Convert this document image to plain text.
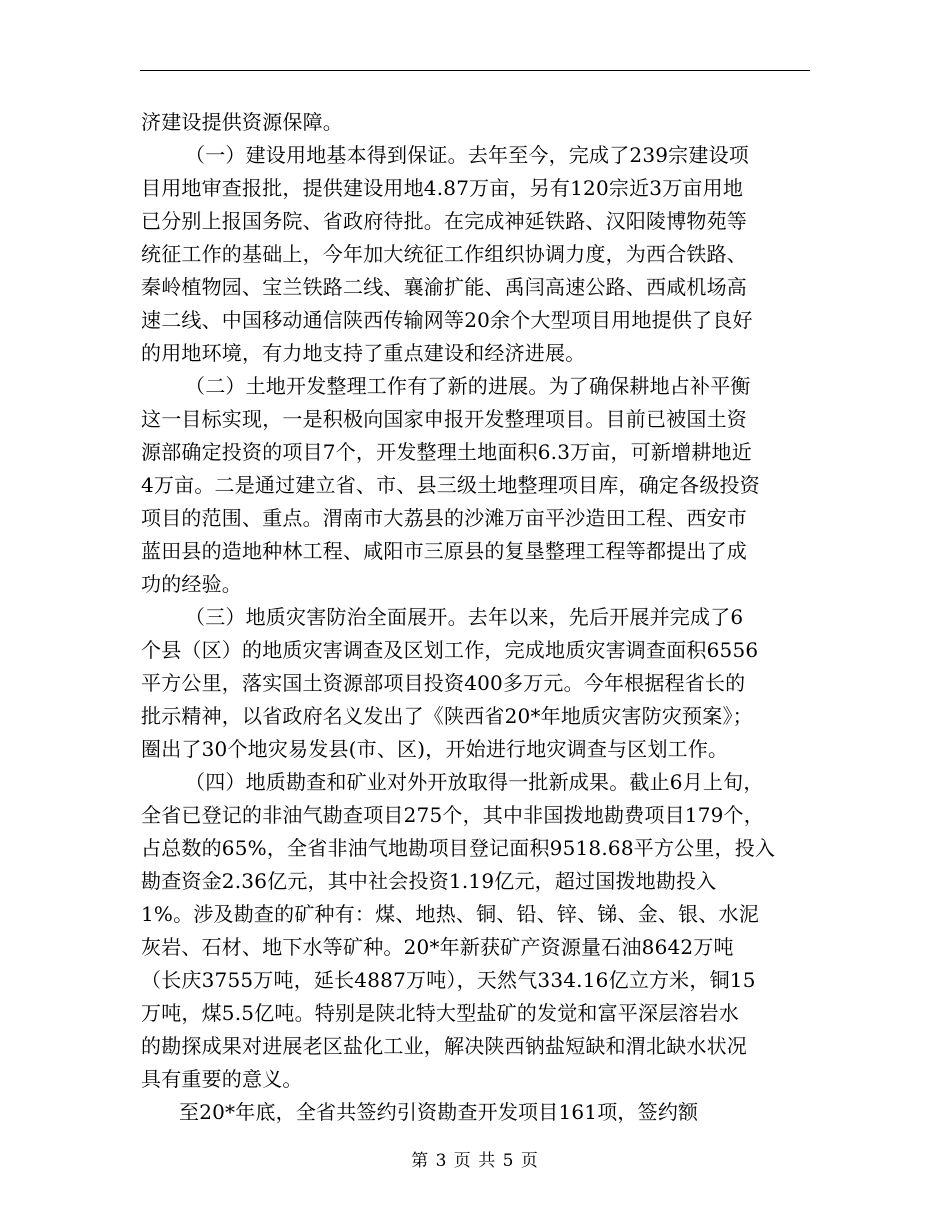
济建设提供资源保障。
（一）建设用地基本得到保证。去年至今，完成了239宗建设项
目用地审查报批，提供建设用地4.87万亩，另有120宗近3万亩用地
已分别上报国务院、省政府待批。在完成神延铁路、汉阳陵博物苑等
统征工作的基础上，今年加大统征工作组织协调力度，为西合铁路、
秦岭植物园、宝兰铁路二线、襄渝扩能、禹闫高速公路、西咸机场高
速二线、中国移动通信陕西传输网等20余个大型项目用地提供了良好
的用地环境，有力地支持了重点建设和经济进展。
（二）土地开发整理工作有了新的进展。为了确保耕地占补平衡
这一目标实现，一是积极向国家申报开发整理项目。目前已被国土资
源部确定投资的项目7个，开发整理土地面积6.3万亩，可新增耕地近
4万亩。二是通过建立省、市、县三级土地整理项目库，确定各级投资
项目的范围、重点。渭南市大荔县的沙滩万亩平沙造田工程、西安市
蓝田县的造地种林工程、咸阳市三原县的复垦整理工程等都提出了成
功的经验。
（三）地质灾害防治全面展开。去年以来，先后开展并完成了6
个县（区）的地质灾害调查及区划工作，完成地质灾害调查面积6556
平方公里，落实国土资源部项目投资400多万元。今年根据程省长的
批示精神，以省政府名义发出了《陕西省20*年地质灾害防灾预案》；
圈出了30个地灾易发县(市、区)，开始进行地灾调查与区划工作。
（四）地质勘查和矿业对外开放取得一批新成果。截止6月上旬，
全省已登记的非油气勘查项目275个，其中非国拨地勘费项目179个，
占总数的65%，全省非油气地勘项目登记面积9518.68平方公里，投入
勘查资金2.36亿元，其中社会投资1.19亿元，超过国拨地勘投入
1%。涉及勘查的矿种有：煤、地热、铜、铅、锌、锑、金、银、水泥
灰岩、石材、地下水等矿种。20*年新获矿产资源量石油8642万吨
（长庆3755万吨，延长4887万吨），天然气334.16亿立方米，铜15
万吨，煤5.5亿吨。特别是陕北特大型盐矿的发觉和富平深层溶岩水
的勘探成果对进展老区盐化工业，解决陕西钠盐短缺和渭北缺水状况
具有重要的意义。
至20*年底，全省共签约引资勘查开发项目161项，签约额
第 3 页 共 5 页
